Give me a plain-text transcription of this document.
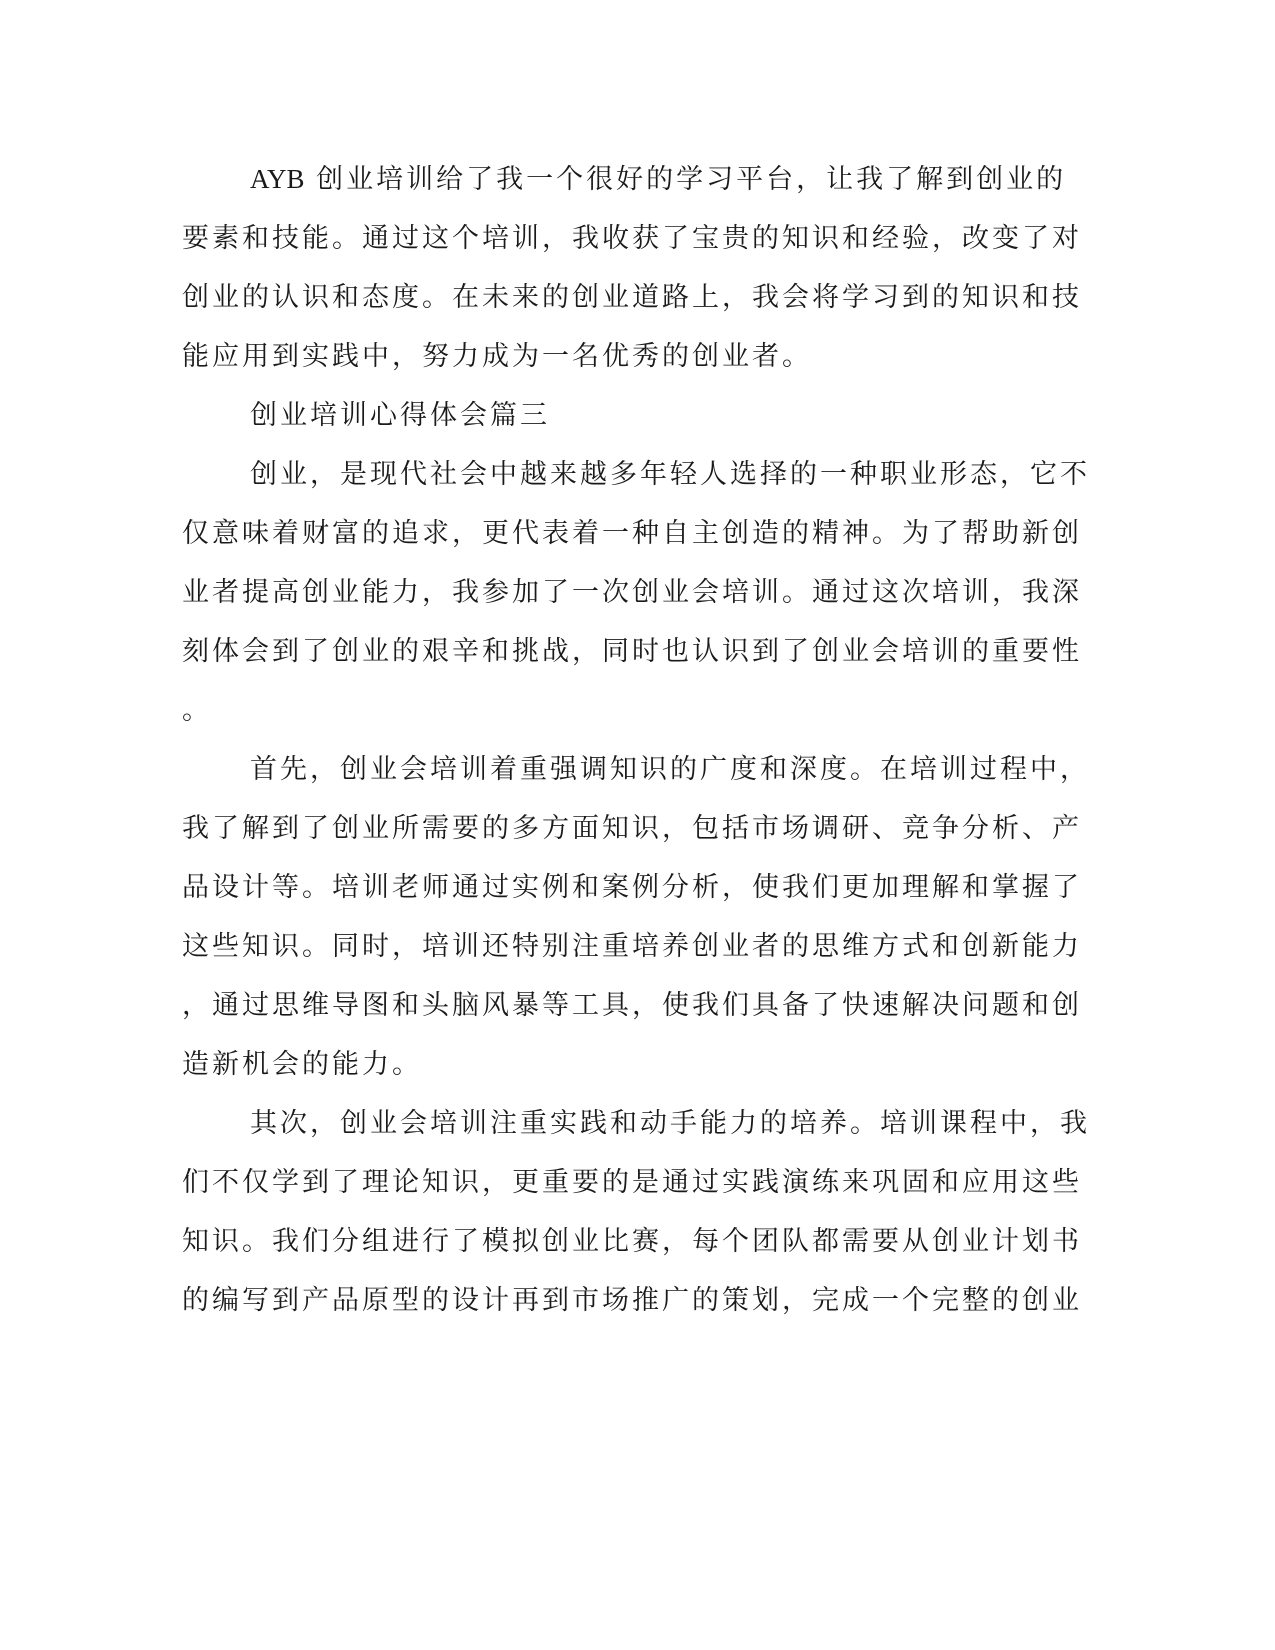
AYB 创业培训给了我一个很好的学习平台，让我了解到创业的
要素和技能。通过这个培训，我收获了宝贵的知识和经验，改变了对
创业的认识和态度。在未来的创业道路上，我会将学习到的知识和技
能应用到实践中，努力成为一名优秀的创业者。
创业培训心得体会篇三
创业，是现代社会中越来越多年轻人选择的一种职业形态，它不
仅意味着财富的追求，更代表着一种自主创造的精神。为了帮助新创
业者提高创业能力，我参加了一次创业会培训。通过这次培训，我深
刻体会到了创业的艰辛和挑战，同时也认识到了创业会培训的重要性
。
首先，创业会培训着重强调知识的广度和深度。在培训过程中，
我了解到了创业所需要的多方面知识，包括市场调研、竞争分析、产
品设计等。培训老师通过实例和案例分析，使我们更加理解和掌握了
这些知识。同时，培训还特别注重培养创业者的思维方式和创新能力
，通过思维导图和头脑风暴等工具，使我们具备了快速解决问题和创
造新机会的能力。
其次，创业会培训注重实践和动手能力的培养。培训课程中，我
们不仅学到了理论知识，更重要的是通过实践演练来巩固和应用这些
知识。我们分组进行了模拟创业比赛，每个团队都需要从创业计划书
的编写到产品原型的设计再到市场推广的策划，完成一个完整的创业
